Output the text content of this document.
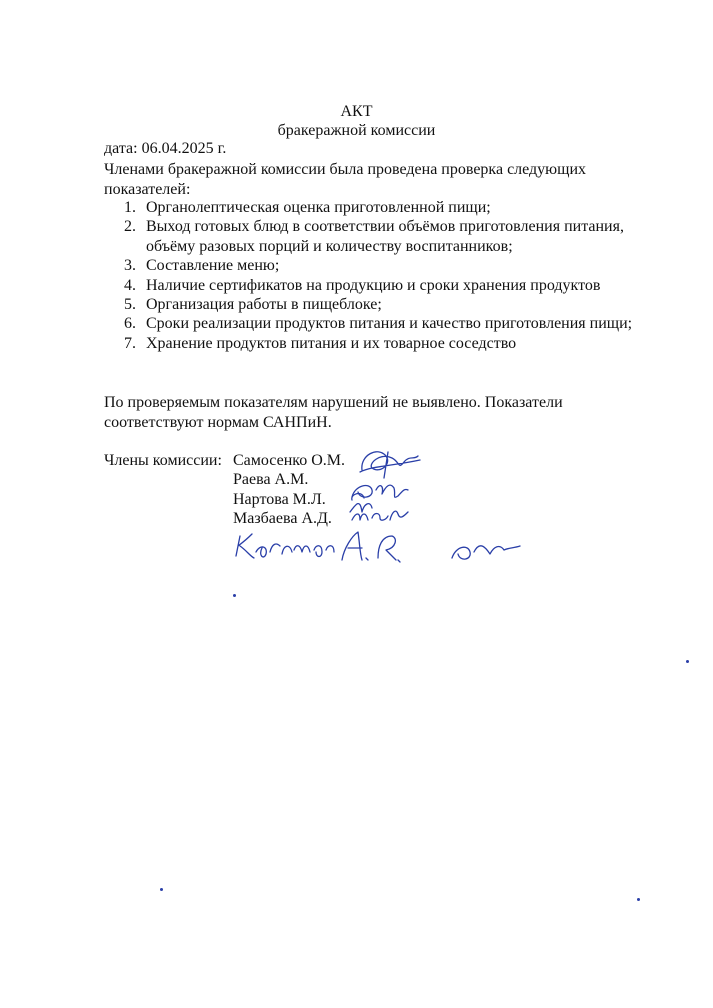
АКТ
бракеражной комиссии
дата: 06.04.2025 г.
Членами бракеражной комиссии была проведена проверка следующих
показателей:
1. Органолептическая оценка приготовленной пищи;
2. Выход готовых блюд в соответствии объёмов приготовления питания,
объёму разовых порций и количеству воспитанников;
3. Составление меню;
4. Наличие сертификатов на продукцию и сроки хранения продуктов
5. Организация работы в пищеблоке;
6. Сроки реализации продуктов питания и качество приготовления пищи;
7. Хранение продуктов питания и их товарное соседство
По проверяемым показателям нарушений не выявлено. Показатели
соответствуют нормам САНПиН.
Члены комиссии: Самосенко О.М.
Раева А.М.
Нартова М.Л.
Мазбаева А.Д.
